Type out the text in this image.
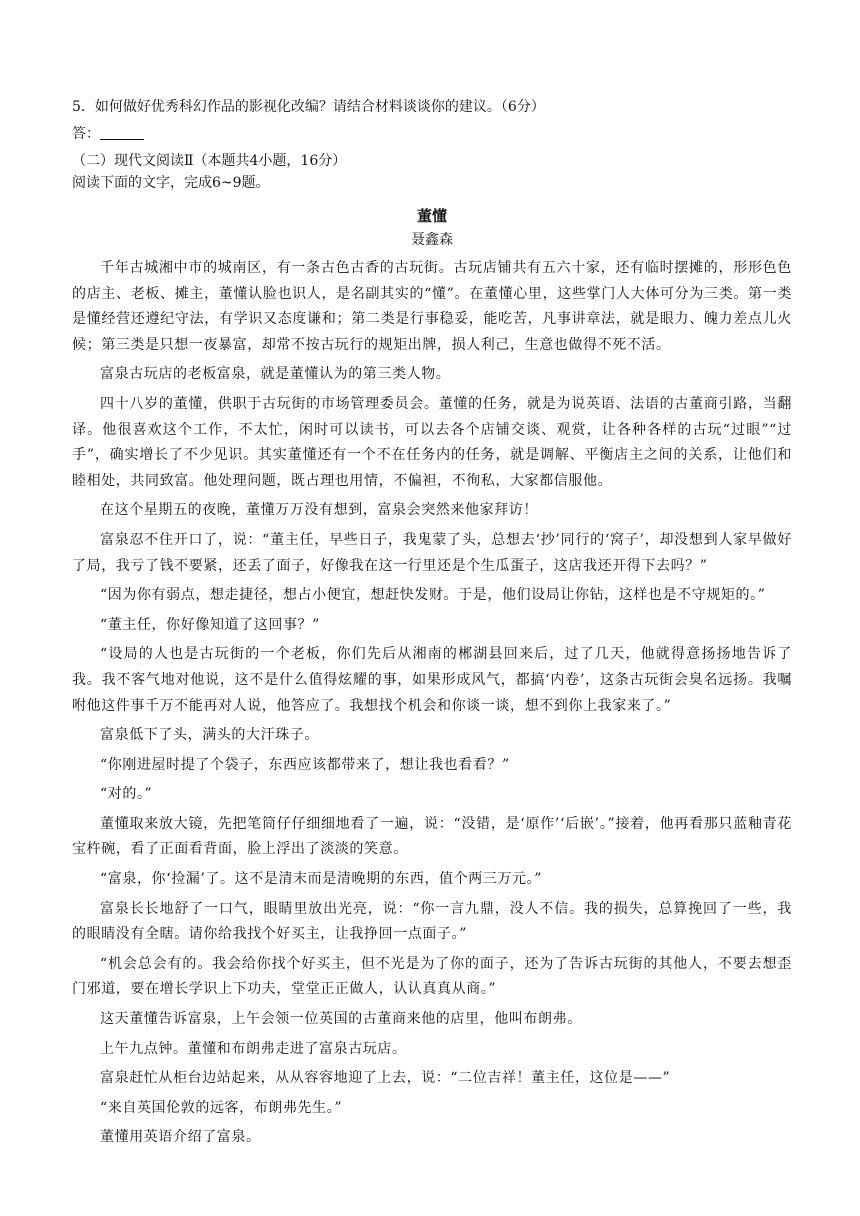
5．如何做好优秀科幻作品的影视化改编？请结合材料谈谈你的建议。（6分）

答：

（二）现代文阅读Ⅱ（本题共4小题，16分）

阅读下面的文字，完成6~9题。

董懂
聂鑫森

千年古城湘中市的城南区，有一条古色古香的古玩街。古玩店铺共有五六十家，还有临时摆摊的，形形色色的店主、老板、摊主，董懂认脸也识人，是名副其实的“懂”。在董懂心里，这些掌门人大体可分为三类。第一类是懂经营还遵纪守法，有学识又态度谦和；第二类是行事稳妥，能吃苦，凡事讲章法，就是眼力、魄力差点儿火候；第三类是只想一夜暴富，却常不按古玩行的规矩出牌，损人利己，生意也做得不死不活。

富泉古玩店的老板富泉，就是董懂认为的第三类人物。

四十八岁的董懂，供职于古玩街的市场管理委员会。董懂的任务，就是为说英语、法语的古董商引路，当翻译。他很喜欢这个工作，不太忙，闲时可以读书，可以去各个店铺交谈、观赏，让各种各样的古玩“过眼”“过手”，确实增长了不少见识。其实董懂还有一个不在任务内的任务，就是调解、平衡店主之间的关系，让他们和睦相处，共同致富。他处理问题，既占理也用情，不偏袒，不徇私，大家都信服他。

在这个星期五的夜晚，董懂万万没有想到，富泉会突然来他家拜访！

富泉忍不住开口了，说：“董主任，早些日子，我鬼蒙了头，总想去‘抄’同行的‘窝子’，却没想到人家早做好了局，我亏了钱不要紧，还丢了面子，好像我在这一行里还是个生瓜蛋子，这店我还开得下去吗？”

“因为你有弱点，想走捷径，想占小便宜，想赶快发财。于是，他们设局让你钻，这样也是不守规矩的。”

“董主任，你好像知道了这回事？”

“设局的人也是古玩街的一个老板，你们先后从湘南的郴湖县回来后，过了几天，他就得意扬扬地告诉了我。我不客气地对他说，这不是什么值得炫耀的事，如果形成风气，都搞‘内卷’，这条古玩街会臭名远扬。我嘱咐他这件事千万不能再对人说，他答应了。我想找个机会和你谈一谈，想不到你上我家来了。”

富泉低下了头，满头的大汗珠子。

“你刚进屋时提了个袋子，东西应该都带来了，想让我也看看？”

“对的。”

董懂取来放大镜，先把笔筒仔仔细细地看了一遍，说：“没错，是‘原作’‘后嵌’。”接着，他再看那只蓝釉青花宝杵碗，看了正面看背面，脸上浮出了淡淡的笑意。

“富泉，你‘捡漏’了。这不是清末而是清晚期的东西，值个两三万元。”

富泉长长地舒了一口气，眼睛里放出光亮，说：“你一言九鼎，没人不信。我的损失，总算挽回了一些，我的眼睛没有全瞎。请你给我找个好买主，让我挣回一点面子。”

“机会总会有的。我会给你找个好买主，但不光是为了你的面子，还为了告诉古玩街的其他人，不要去想歪门邪道，要在增长学识上下功夫，堂堂正正做人，认认真真从商。”

这天董懂告诉富泉，上午会领一位英国的古董商来他的店里，他叫布朗弗。

上午九点钟。董懂和布朗弗走进了富泉古玩店。

富泉赶忙从柜台边站起来，从从容容地迎了上去，说：“二位吉祥！董主任，这位是——”

“来自英国伦敦的远客，布朗弗先生。”

董懂用英语介绍了富泉。
